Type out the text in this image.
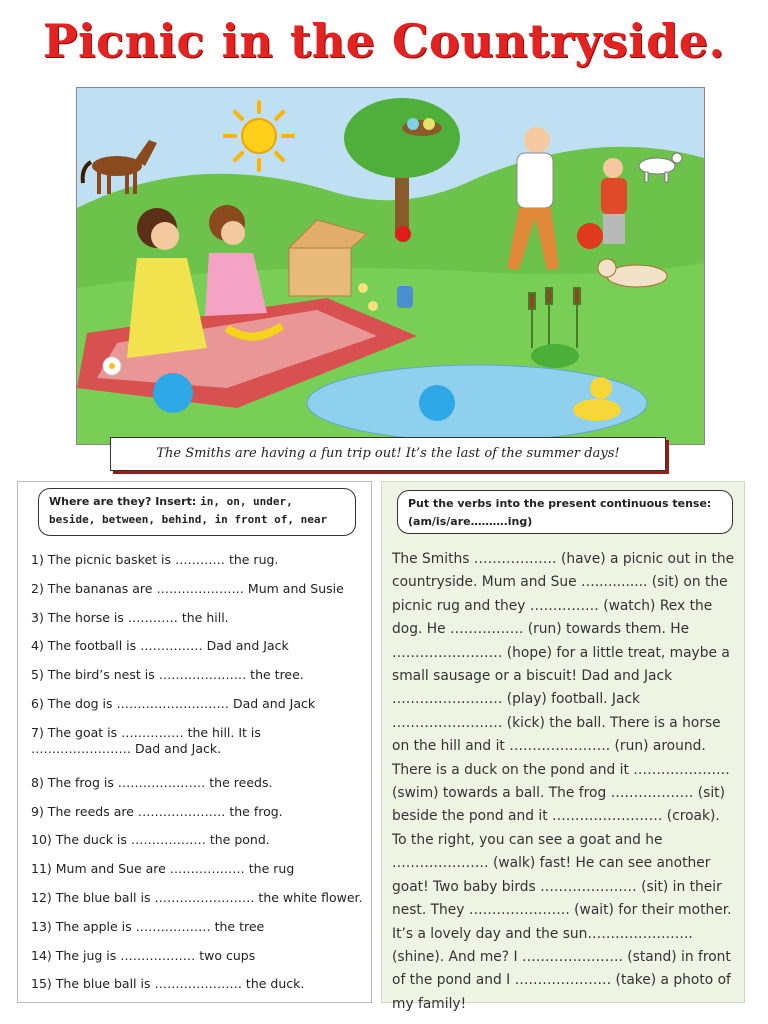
Picnic in the Countryside.
The Smiths are having a fun trip out! It’s the last of the summer days!
Where are they? Insert: in, on, under,
beside, between, behind, in front of, near
1) The picnic basket is ………… the rug.
2) The bananas are ………………… Mum and Susie
3) The horse is ………… the hill.
4) The football is …………… Dad and Jack
5) The bird’s nest is ………………… the tree.
6) The dog is ……………………… Dad and Jack
7) The goat is …………… the hill. It is …………………… Dad and Jack.
8) The frog is ………………… the reeds.
9) The reeds are ………………… the frog.
10) The duck is ……………… the pond.
11) Mum and Sue are ……………… the rug
12) The blue ball is …………………… the white flower.
13) The apple is ……………… the tree
14) The jug is ……………… two cups
15) The blue ball is ………………… the duck.
Put the verbs into the present continuous tense:
(am/is/are……….ing)
The Smiths ……………… (have) a picnic out in the countryside. Mum and Sue …............ (sit) on the picnic rug and they …………… (watch) Rex the dog. He ……………. (run) towards them. He …………………… (hope) for a little treat, maybe a small sausage or a biscuit! Dad and Jack …………………… (play) football. Jack …………………… (kick) the ball. There is a horse on the hill and it …………………. (run) around. There is a duck on the pond and it ………………… (swim) towards a ball. The frog ……………… (sit) beside the pond and it …………………… (croak). To the right, you can see a goat and he ………………… (walk) fast! He can see another goat! Two baby birds ………………… (sit) in their nest. They …………………. (wait) for their mother. It’s a lovely day and the sun………………….. (shine). And me? I …………………. (stand) in front of the pond and I ………………… (take) a photo of my family!
